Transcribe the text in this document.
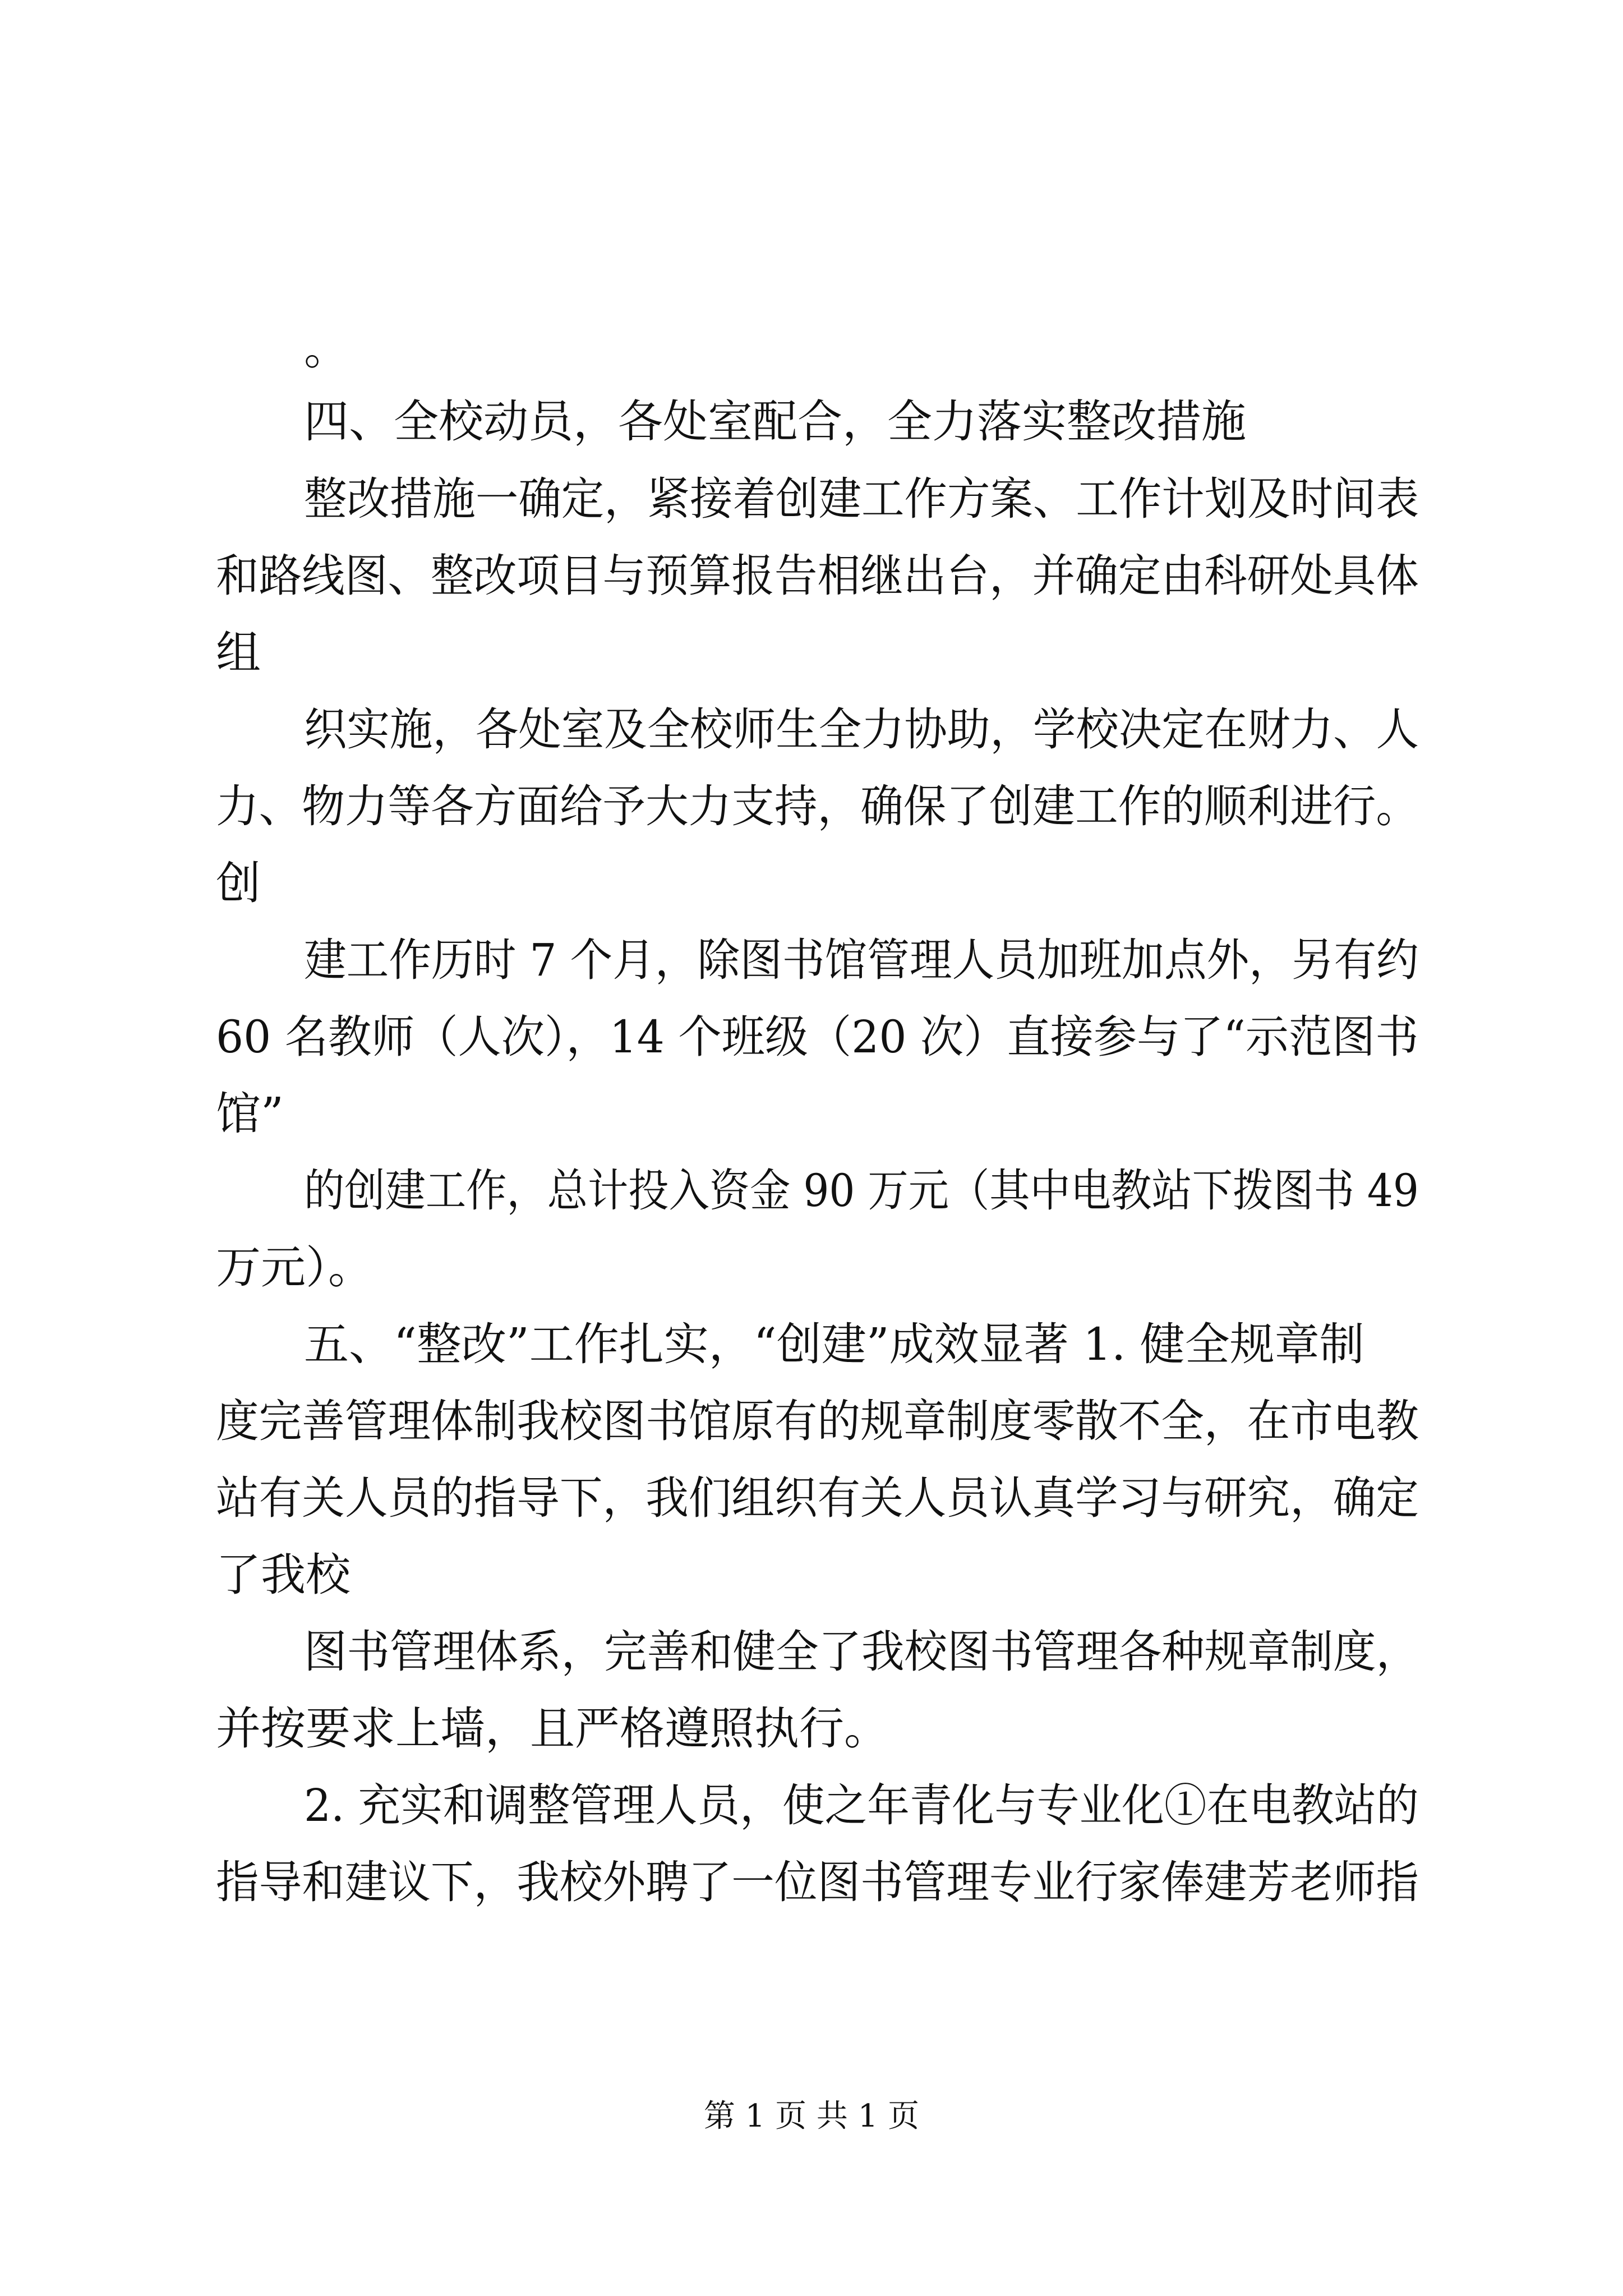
。
四、全校动员，各处室配合，全力落实整改措施
整改措施一确定，紧接着创建工作方案、工作计划及时间表
和路线图、整改项目与预算报告相继出台，并确定由科研处具体
组
织实施，各处室及全校师生全力协助，学校决定在财力、人
力、物力等各方面给予大力支持，确保了创建工作的顺利进行。
创
建工作历时 7 个月，除图书馆管理人员加班加点外，另有约
60 名教师（人次），14 个班级（20 次）直接参与了“示范图书
馆”
的创建工作，总计投入资金 90 万元（其中电教站下拨图书 49
万元）。
五、“整改”工作扎实，“创建”成效显著 1. 健全规章制
度完善管理体制我校图书馆原有的规章制度零散不全，在市电教
站有关人员的指导下，我们组织有关人员认真学习与研究，确定
了我校
图书管理体系，完善和健全了我校图书管理各种规章制度，
并按要求上墙，且严格遵照执行。
2. 充实和调整管理人员，使之年青化与专业化①在电教站的
指导和建议下，我校外聘了一位图书管理专业行家俸建芳老师指
第 1 页 共 1 页
